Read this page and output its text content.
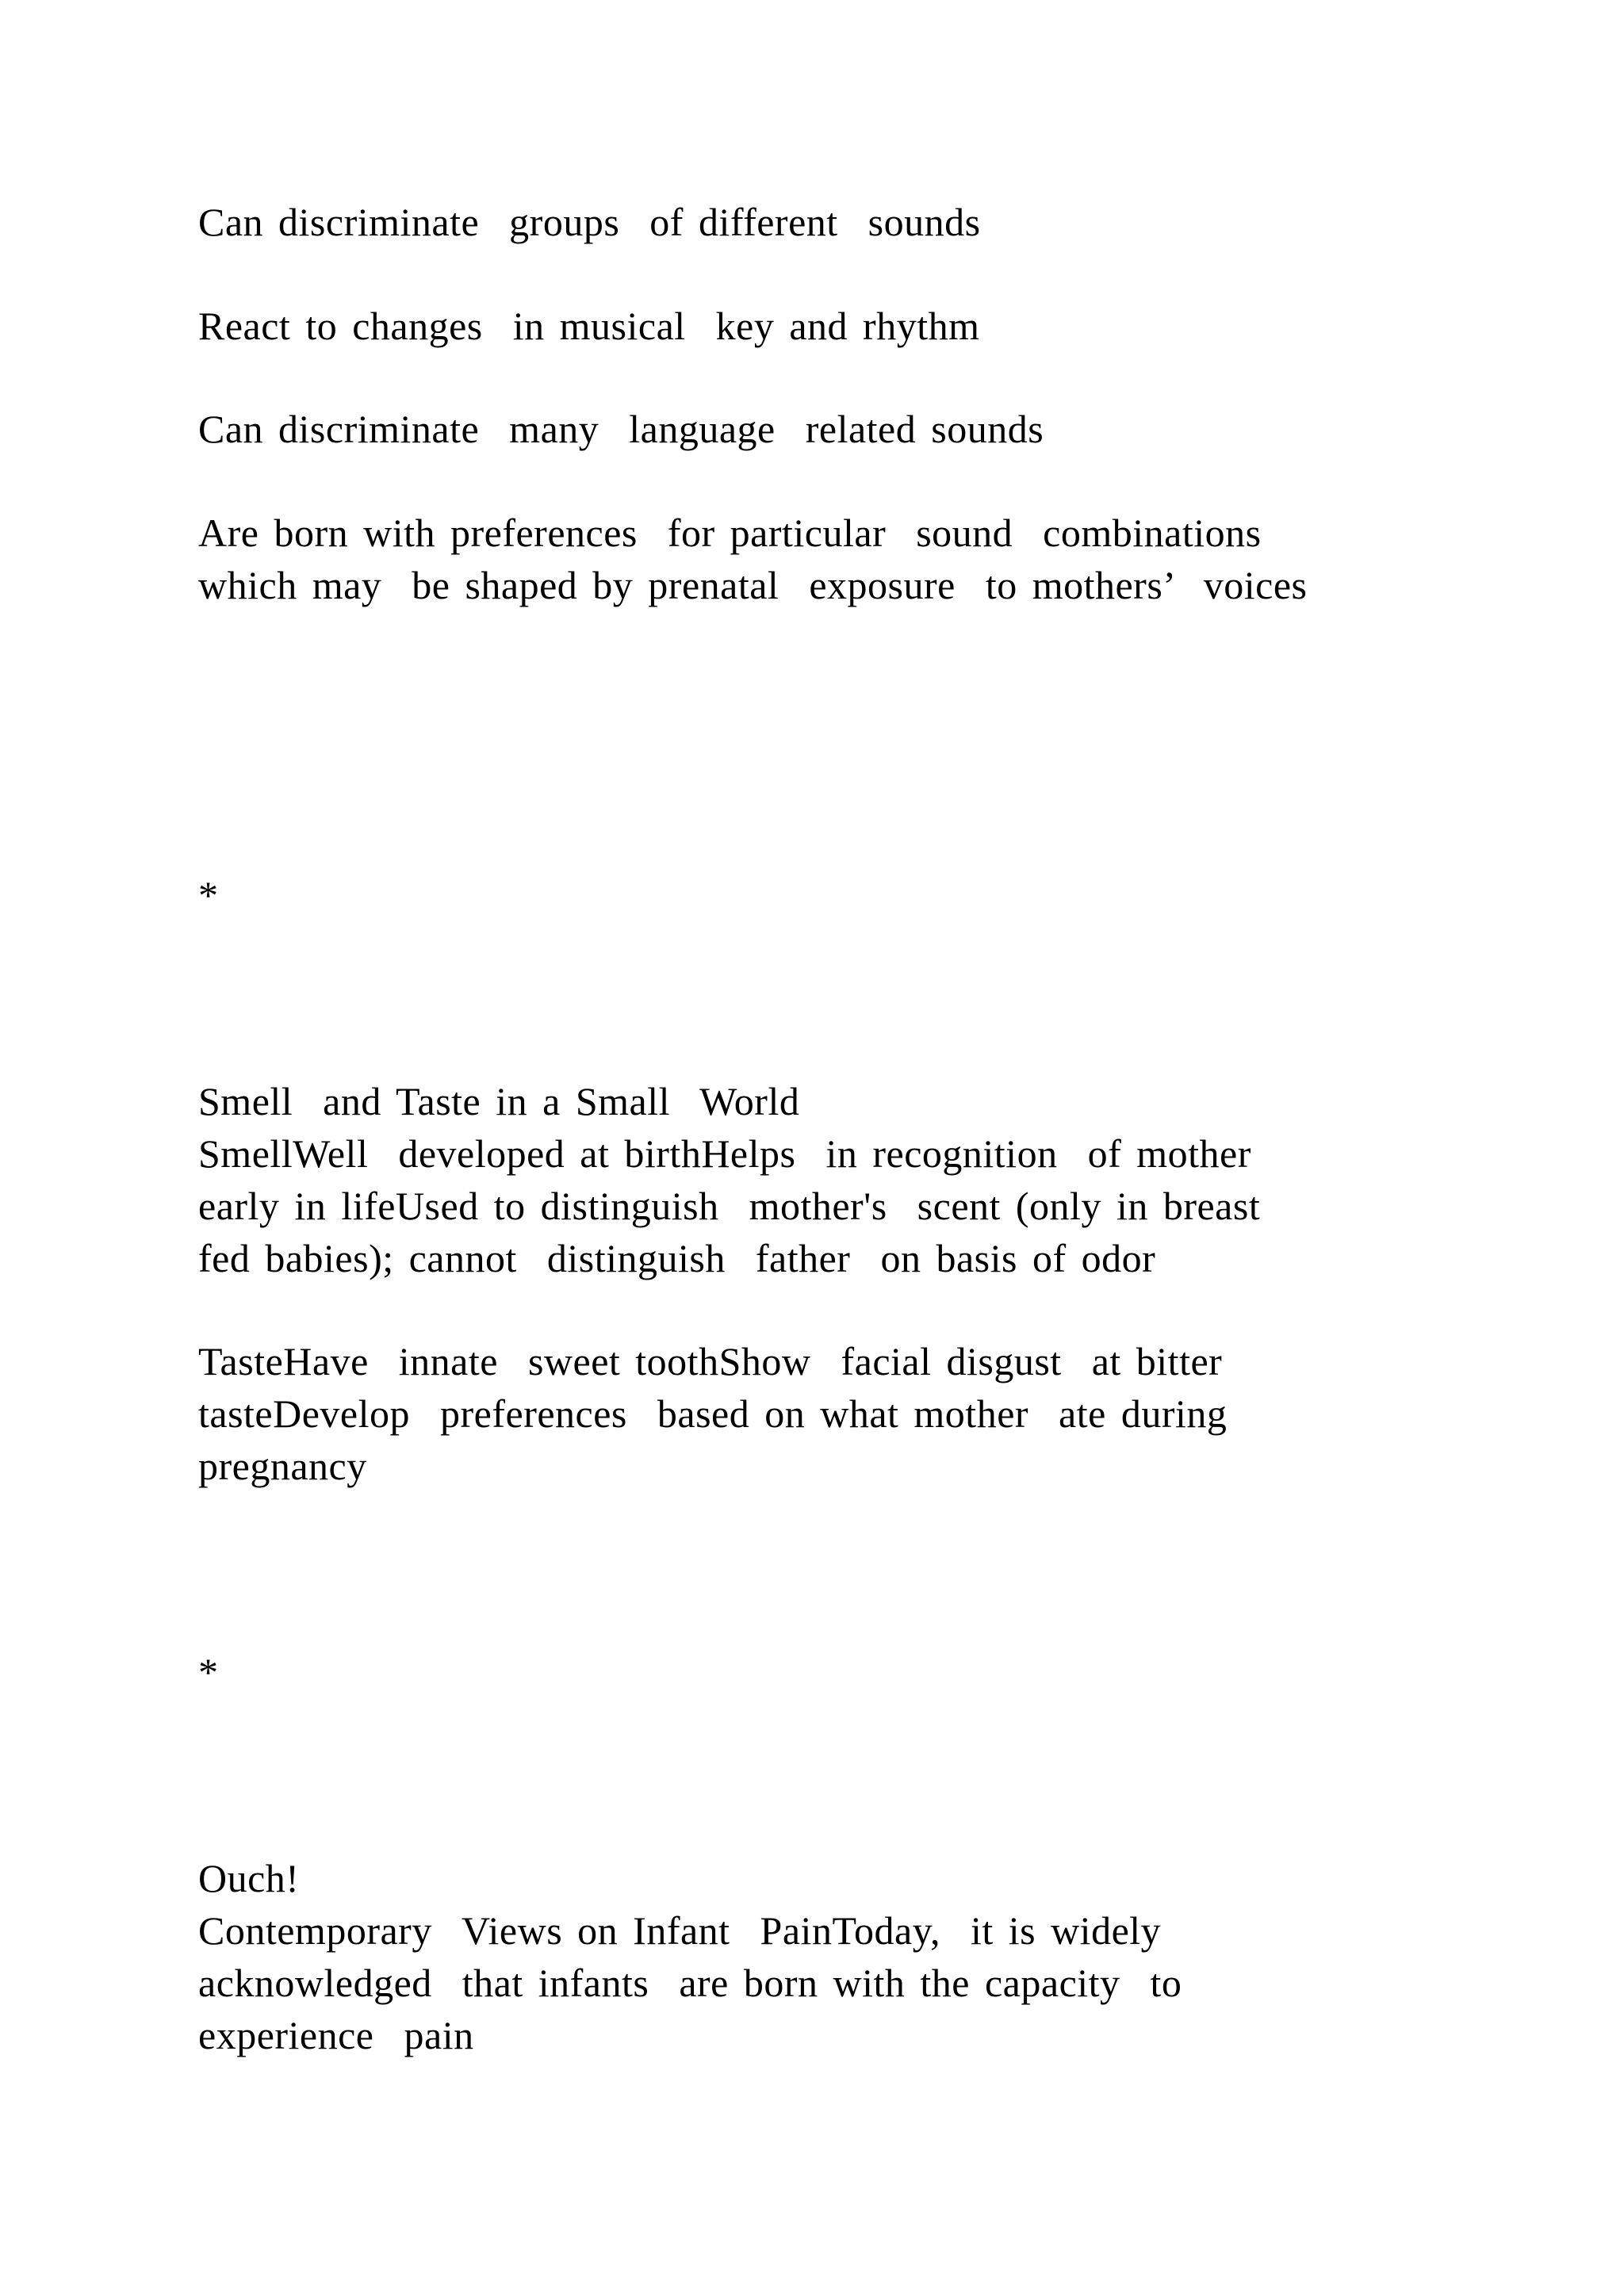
Can discriminate  groups  of different  sounds
React to changes  in musical  key and rhythm
Can discriminate  many  language  related sounds
Are born with preferences  for particular  sound  combinations
which may  be shaped by prenatal  exposure  to mothers’  voices
*
Smell  and Taste in a Small  World
SmellWell  developed at birthHelps  in recognition  of mother
early in lifeUsed to distinguish  mother's  scent (only in breast
fed babies); cannot  distinguish  father  on basis of odor
TasteHave  innate  sweet toothShow  facial disgust  at bitter
tasteDevelop  preferences  based on what mother  ate during
pregnancy
*
Ouch!
Contemporary  Views on Infant  PainToday,  it is widely
acknowledged  that infants  are born with the capacity  to
experience  pain
